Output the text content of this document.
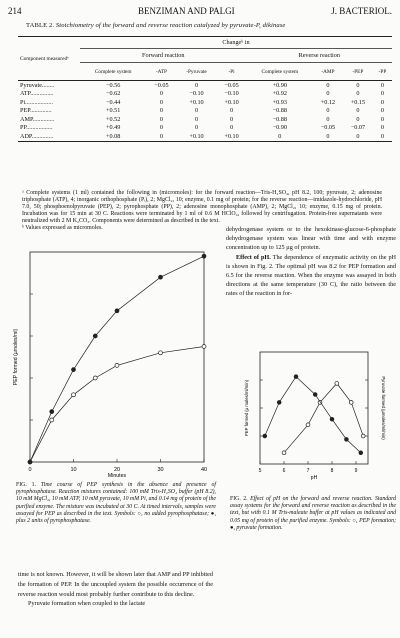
214	BENZIMAN AND PALGI	J. BACTERIOL.
TABLE 2. Stoichiometry of the forward and reverse reaction catalyzed by pyruvate-P, dikinase
Component measuredᵇ	Changeᵇ in							
	Forward reaction				Reverse reaction			
	Complete system	-ATP	-Pyruvate	-Pi	Complete system	-AMP	-PEP	-PP
Pyruvate........	−0.56	−0.05	0	−0.05	+0.90	0	0	0
ATP...............	−0.62	0	−0.10	−0.10	+0.92	0	0	0
Pi..................	−0.44	0	+0.10	+0.10	+0.93	+0.12	+0.15	0
PEP..............	+0.51	0	0	0	−0.88	0	0	0
AMP..............	+0.52	0	0	0	−0.88	0	0	0
PP.................	+0.49	0	0	0	−0.90	−0.05	−0.07	0
ADP..............	+0.08	0	+0.10	+0.10	0	0	0	0
ᵃ Complete systems (1 ml) contained the following in (micromoles): for the forward reaction—Tris-H₂SO₄, pH 8.2, 100; pyruvate, 2; adenosine triphosphate (ATP), 4; inorganic orthophosphate (Pᵢ), 2; MgCl₂, 10; enzyme, 0.1 mg of protein; for the reverse reaction—imidazole-hydrochloride, pH 7.0, 50; phosphoenolpyruvate (PEP), 2; pyrophosphate (PP), 2; adenosine monophosphate (AMP), 2; MgCl₂, 10; enzyme, 0.15 mg of protein. Incubation was for 15 min at 30 C. Reactions were terminated by 1 ml of 0.6 M HClO₄, followed by centrifugation. Protein-free supernatants were neutralized with 2 M K₂CO₃. Components were determined as described in the text.
ᵇ Values expressed as micromoles.
0	10	20	30	40
Minutes
PEP formed (µmoles/ml)
dehydrogenase system or to the hexokinase-glucose-6-phosphate dehydrogenase system was linear with time and with enzyme concentration up to 125 µg of protein.
Effect of pH. The dependence of enzymatic activity on the pH is shown in Fig. 2. The optimal pH was 8.2 for PEP formation and 6.5 for the reverse reaction. When the enzyme was assayed in both directions at the same temperature (30 C), the ratio between the rates of the reaction in for-
5	6	7	8	9
pH
PEP formed (µ moles/ml/min)	Pyruvate formed (µmoles/ml/min)
FIG. 1. Time course of PEP synthesis in the absence and presence of pyrophosphatase. Reaction mixtures contained: 100 mM Tris-H₂SO₄ buffer (pH 8.2), 10 mM MgCl₂, 10 mM ATP, 10 mM pyruvate, 10 mM Pi, and 0.14 mg of protein of the purified enzyme. The mixture was incubated at 30 C. At timed intervals, samples were assayed for PEP as described in the text. Symbols: ○, no added pyrophosphatase; ●, plus 2 units of pyrophosphatase.
FIG. 2. Effect of pH on the forward and reverse reaction. Standard assay systems for the forward and reverse reaction as described in the text, but with 0.1 M Tris-maleate buffer at pH values as indicated and 0.05 mg of protein of the purified enzyme. Symbols: ○, PEP formation; ●, pyruvate formation.
time is not known. However, it will be shown later that AMP and PP inhibited the formation of PEP. In the uncoupled system the possible occurrence of the reverse reaction would most probably further contribute to this decline.
Pyruvate formation when coupled to the lactate
